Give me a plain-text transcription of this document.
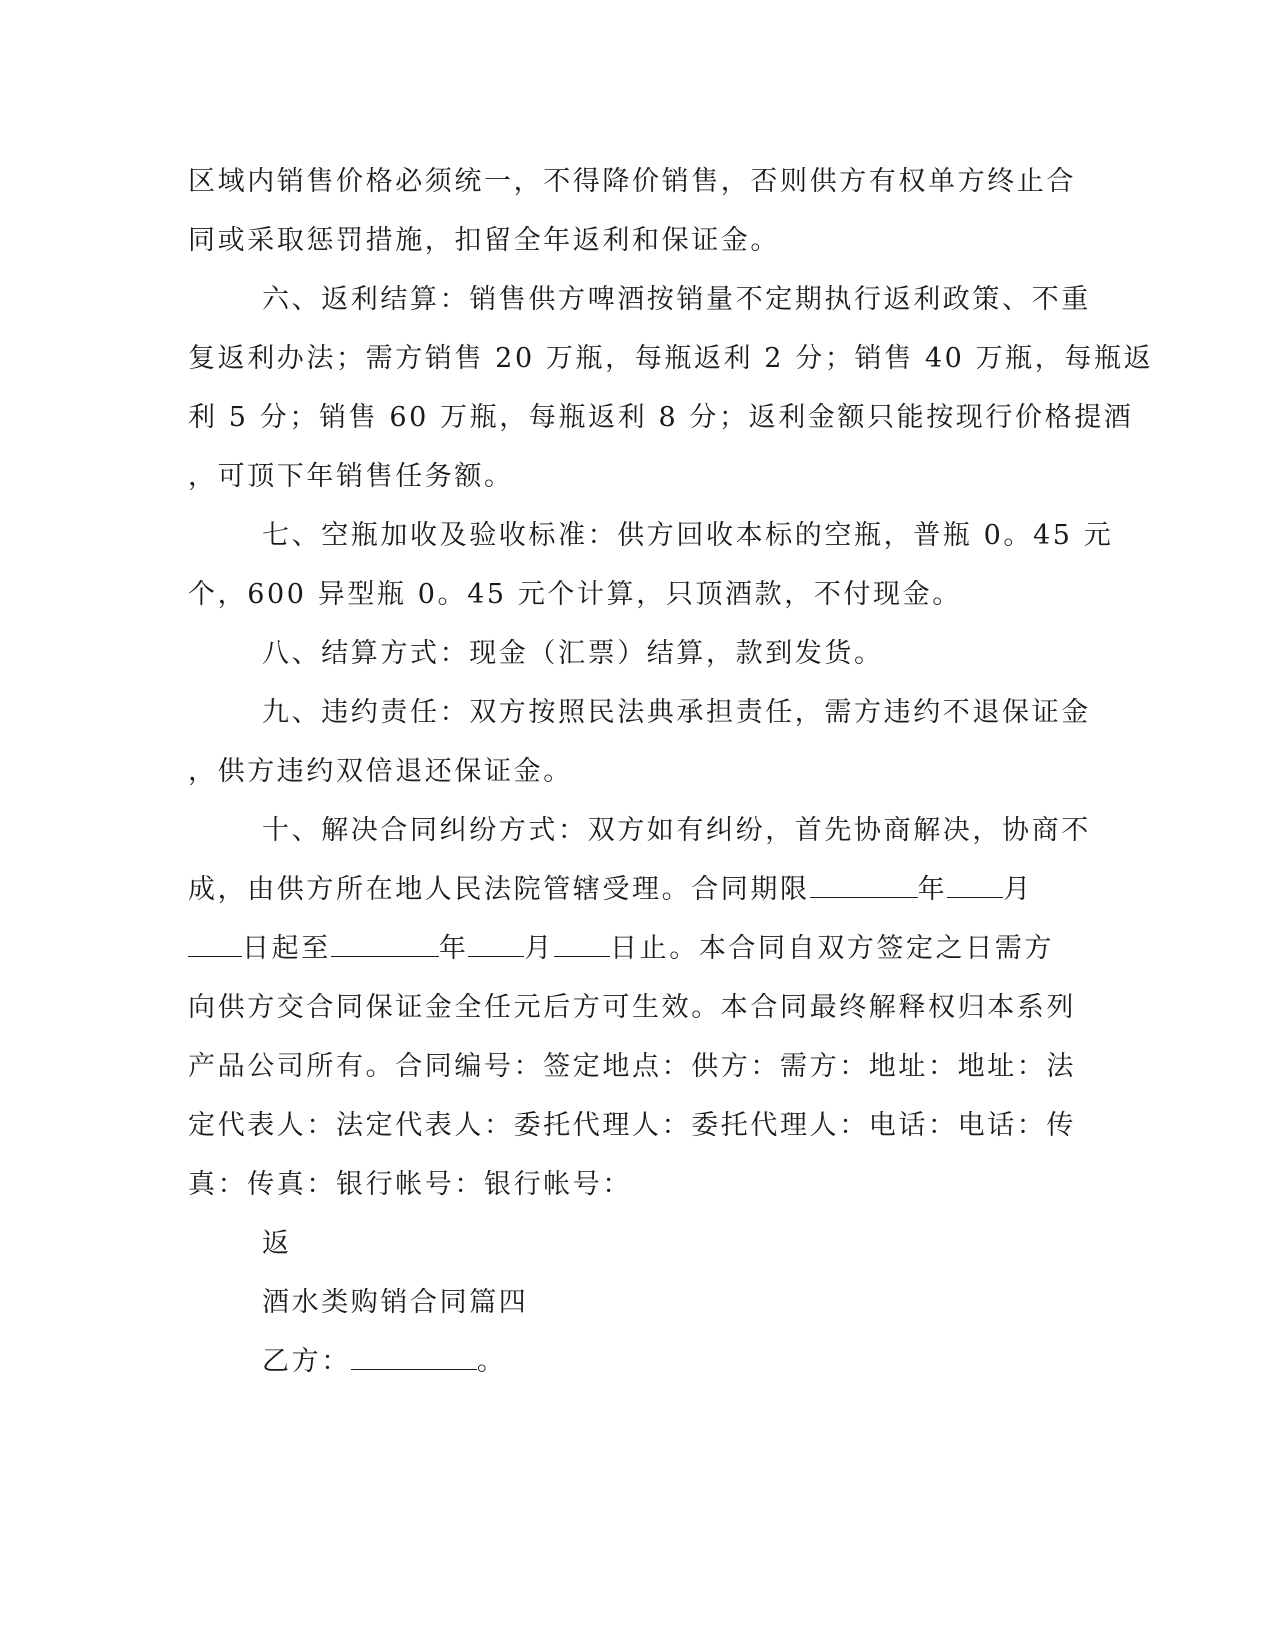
区域内销售价格必须统一，不得降价销售，否则供方有权单方终止合
同或采取惩罚措施，扣留全年返利和保证金。
六、返利结算：销售供方啤酒按销量不定期执行返利政策、不重
复返利办法；需方销售 20 万瓶，每瓶返利 2 分；销售 40 万瓶，每瓶返
利 5 分；销售 60 万瓶，每瓶返利 8 分；返利金额只能按现行价格提酒
，可顶下年销售任务额。
七、空瓶加收及验收标准：供方回收本标的空瓶，普瓶 0。45 元
个，600 异型瓶 0。45 元个计算，只顶酒款，不付现金。
八、结算方式：现金（汇票）结算，款到发货。
九、违约责任：双方按照民法典承担责任，需方违约不退保证金
，供方违约双倍退还保证金。
十、解决合同纠纷方式：双方如有纠纷，首先协商解决，协商不
成，由供方所在地人民法院管辖受理。合同期限	年 月
日起至	年 月 日止。本合同自双方签定之日需方
向供方交合同保证金全任元后方可生效。本合同最终解释权归本系列
产品公司所有。合同编号：签定地点：供方：需方：地址：地址：法
定代表人：法定代表人：委托代理人：委托代理人：电话：电话：传
真：传真：银行帐号：银行帐号：
返
酒水类购销合同篇四
乙方：	。
